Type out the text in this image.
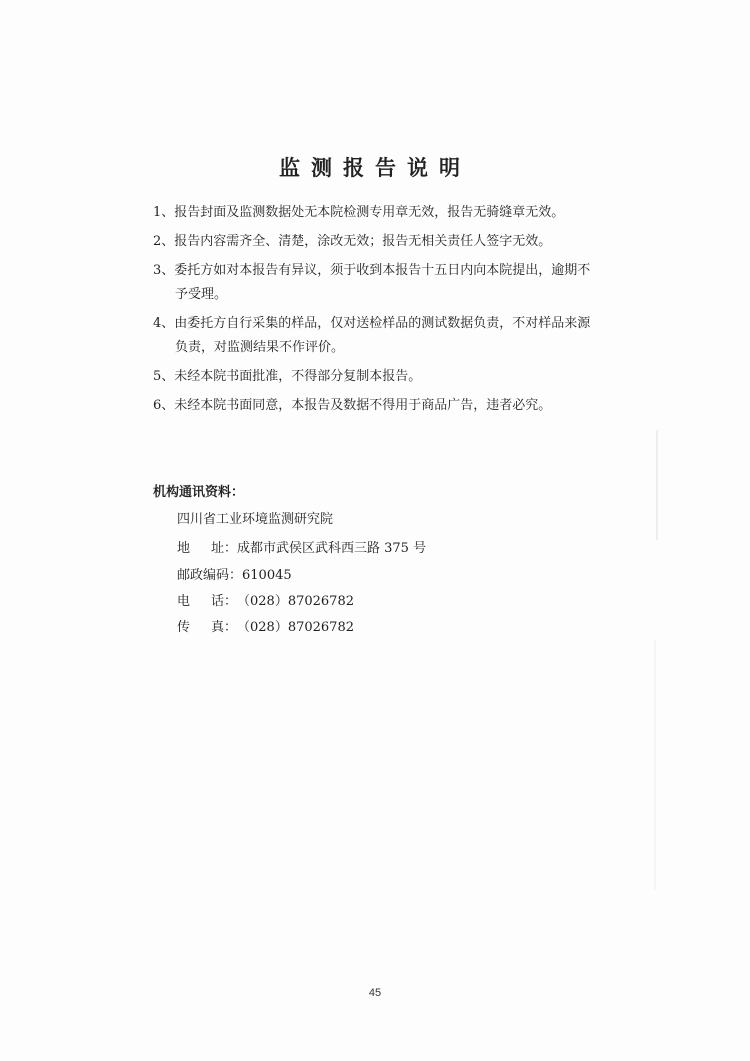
监测报告说明
1、报告封面及监测数据处无本院检测专用章无效，报告无骑缝章无效。
2、报告内容需齐全、清楚，涂改无效；报告无相关责任人签字无效。
3、委托方如对本报告有异议，须于收到本报告十五日内向本院提出，逾期不
予受理。
4、由委托方自行采集的样品，仅对送检样品的测试数据负责，不对样品来源
负责，对监测结果不作评价。
5、未经本院书面批准，不得部分复制本报告。
6、未经本院书面同意，本报告及数据不得用于商品广告，违者必究。
机构通讯资料：
四川省工业环境监测研究院
地 址： 成都市武侯区武科西三路 375 号
邮政编码：610045
电 话： （028）87026782
传 真： （028）87026782
45
